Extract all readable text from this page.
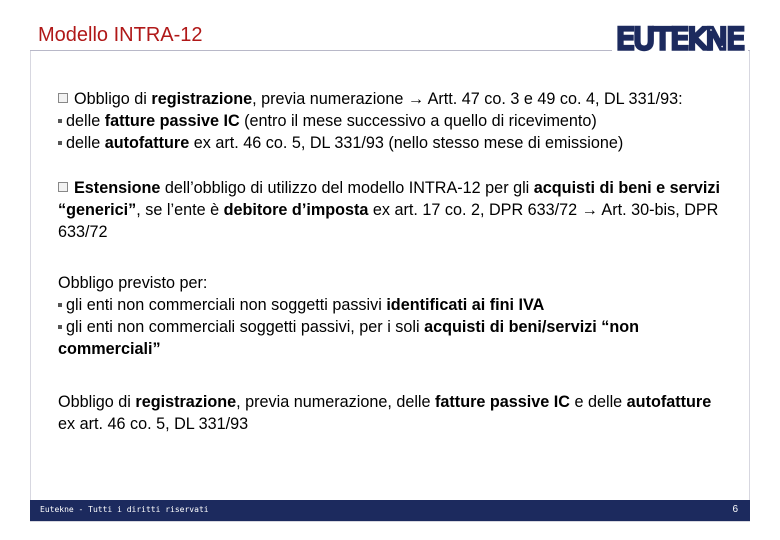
Modello INTRA-12	EUTEKNE

Obbligo di registrazione, previa numerazione → Artt. 47 co. 3 e 49 co. 4, DL 331/93:

delle fatture passive IC (entro il mese successivo a quello di ricevimento)

delle autofatture ex art. 46 co. 5, DL 331/93 (nello stesso mese di emissione)

Estensione dell’obbligo di utilizzo del modello INTRA-12 per gli acquisti di beni e servizi “generici”, se l’ente è debitore d’imposta ex art. 17 co. 2, DPR 633/72 → Art. 30-bis, DPR 633/72

Obbligo previsto per:

gli enti non commerciali non soggetti passivi identificati ai fini IVA

gli enti non commerciali soggetti passivi, per i soli acquisti di beni/servizi “non commerciali”

Obbligo di registrazione, previa numerazione, delle fatture passive IC e delle autofatture ex art. 46 co. 5, DL 331/93

Eutekne - Tutti i diritti riservati	6
